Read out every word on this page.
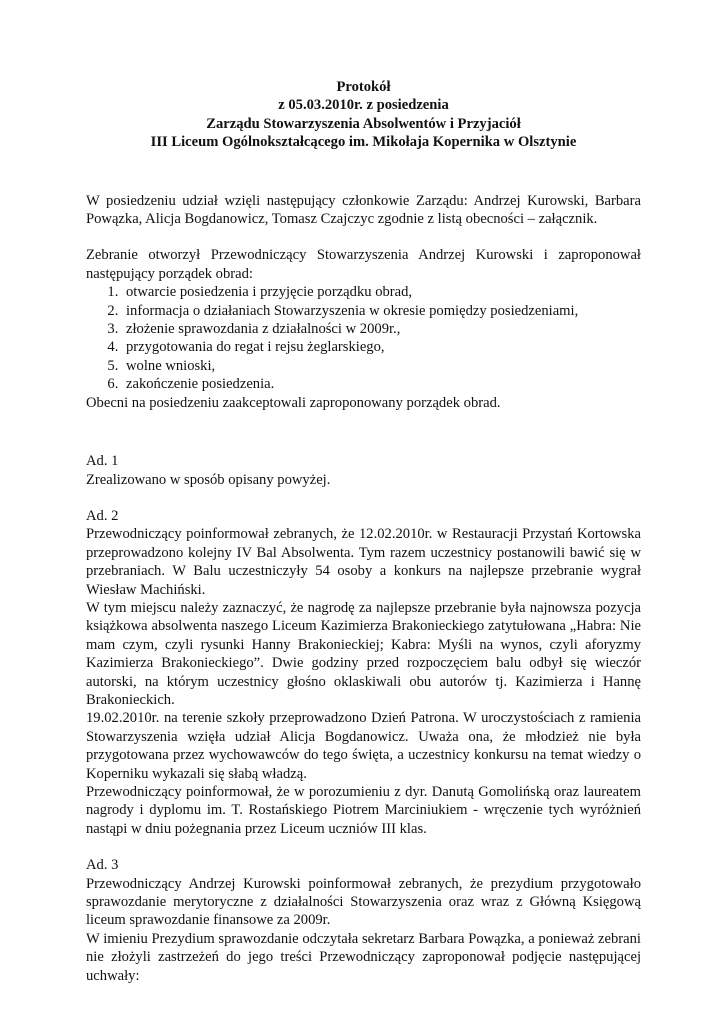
Protokół
z 05.03.2010r. z posiedzenia
Zarządu Stowarzyszenia Absolwentów i Przyjaciół
III Liceum Ogólnokształcącego im. Mikołaja Kopernika w Olsztynie

W posiedzeniu udział wzięli następujący członkowie Zarządu: Andrzej Kurowski, Barbara Powązka, Alicja Bogdanowicz, Tomasz Czajczyc zgodnie z listą obecności – załącznik.

Zebranie otworzył Przewodniczący Stowarzyszenia Andrzej Kurowski i zaproponował następujący porządek obrad:

1. otwarcie posiedzenia i przyjęcie porządku obrad,
2. informacja o działaniach Stowarzyszenia w okresie pomiędzy posiedzeniami,
3. złożenie sprawozdania z działalności w 2009r.,
4. przygotowania do regat i rejsu żeglarskiego,
5. wolne wnioski,
6. zakończenie posiedzenia.

Obecni na posiedzeniu zaakceptowali zaproponowany porządek obrad.

Ad. 1

Zrealizowano w sposób opisany powyżej.

Ad. 2

Przewodniczący poinformował zebranych, że 12.02.2010r. w Restauracji Przystań Kortowska przeprowadzono kolejny IV Bal Absolwenta. Tym razem uczestnicy postanowili bawić się w przebraniach. W Balu uczestniczyły 54 osoby a konkurs na najlepsze przebranie wygrał Wiesław Machiński.

W tym miejscu należy zaznaczyć, że nagrodę za najlepsze przebranie była najnowsza pozycja książkowa absolwenta naszego Liceum Kazimierza Brakonieckiego zatytułowana „Habra: Nie mam czym, czyli rysunki Hanny Brakonieckiej; Kabra: Myśli na wynos, czyli aforyzmy Kazimierza Brakonieckiego”. Dwie godziny przed rozpoczęciem balu odbył się wieczór autorski, na którym uczestnicy głośno oklaskiwali obu autorów tj. Kazimierza i Hannę Brakonieckich.

19.02.2010r. na terenie szkoły przeprowadzono Dzień Patrona. W uroczystościach z ramienia Stowarzyszenia wzięła udział Alicja Bogdanowicz. Uważa ona, że młodzież nie była przygotowana przez wychowawców do tego święta, a uczestnicy konkursu na temat wiedzy o Koperniku wykazali się słabą władzą.

Przewodniczący poinformował, że w porozumieniu z dyr. Danutą Gomolińską oraz laureatem nagrody i dyplomu im. T. Rostańskiego Piotrem Marciniukiem - wręczenie tych wyróżnień nastąpi w dniu pożegnania przez Liceum uczniów III klas.

Ad. 3

Przewodniczący Andrzej Kurowski poinformował zebranych, że prezydium przygotowało sprawozdanie merytoryczne z działalności Stowarzyszenia oraz wraz z Główną Księgową liceum sprawozdanie finansowe za 2009r.

W imieniu Prezydium sprawozdanie odczytała sekretarz Barbara Powązka, a ponieważ zebrani nie złożyli zastrzeżeń do jego treści Przewodniczący zaproponował podjęcie następującej uchwały:
